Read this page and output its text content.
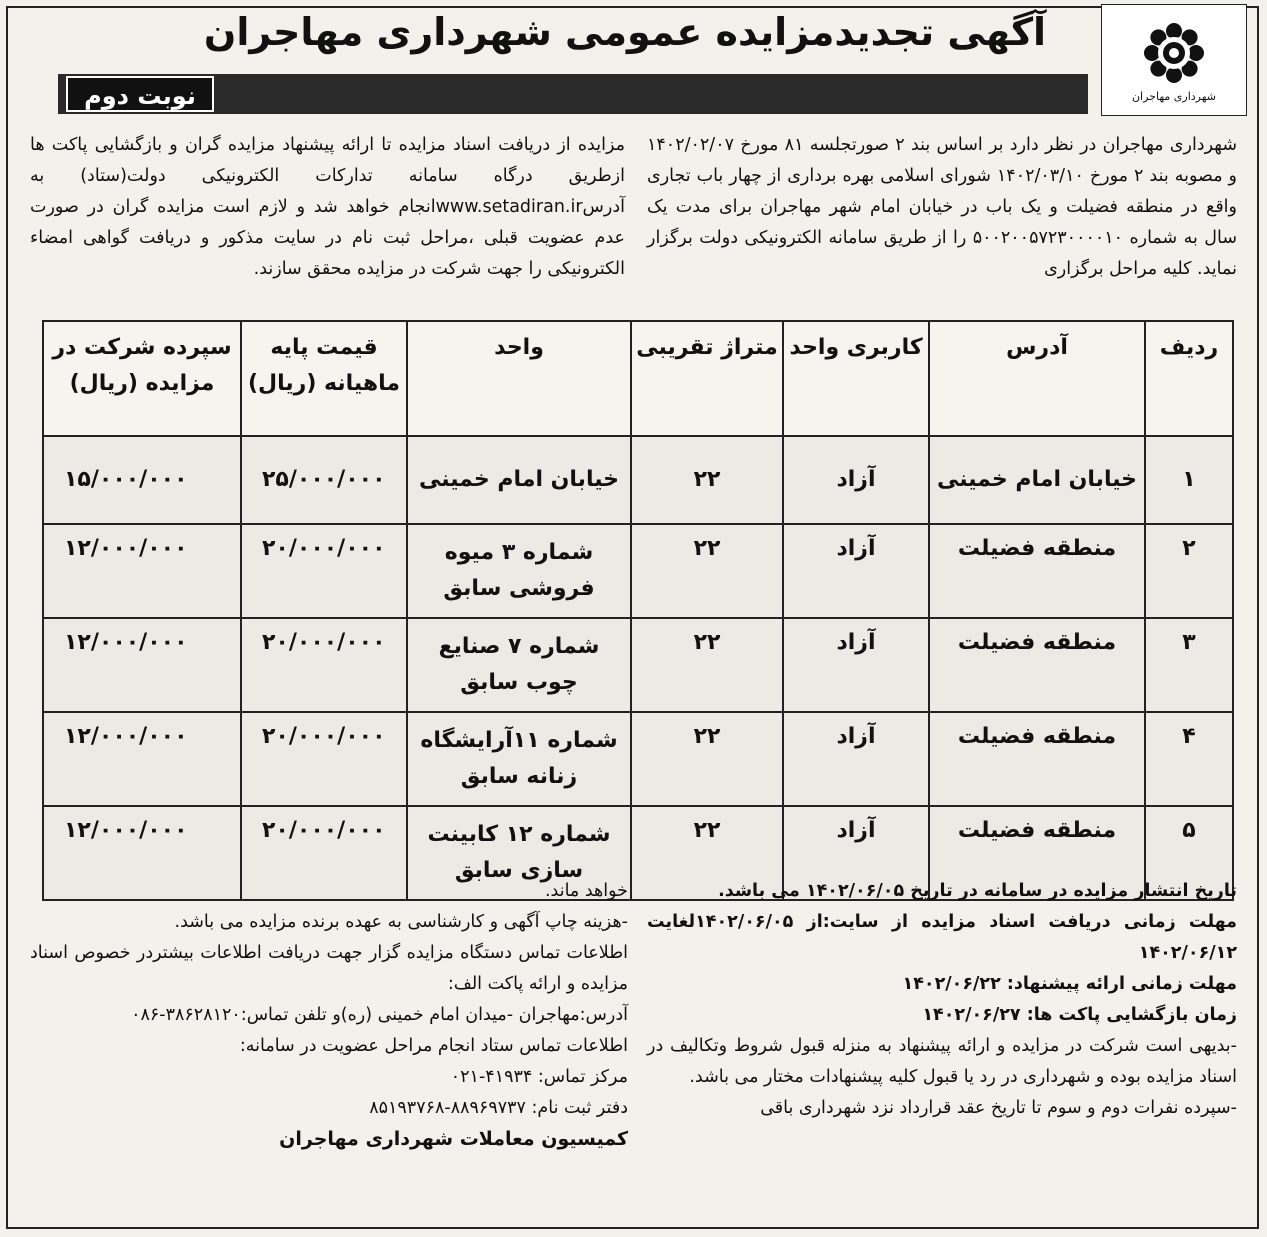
شهرداری مهاجران
آگهی تجدیدمزایده عمومی شهرداری مهاجران
نوبت دوم
شهرداری مهاجران در نظر دارد بر اساس بند ۲ صورتجلسه ۸۱ مورخ ۱۴۰۲/۰۲/۰۷ و مصوبه بند ۲ مورخ ۱۴۰۲/۰۳/۱۰ شورای اسلامی بهره برداری از چهار باب تجاری واقع در منطقه فضیلت و یک باب در خیابان امام شهر مهاجران برای مدت یک سال به شماره ۵۰۰۲۰۰۵۷۲۳۰۰۰۰۱۰ را از طریق سامانه الکترونیکی دولت برگزار نماید. کلیه مراحل برگزاری
مزایده از دریافت اسناد مزایده تا ارائه پیشنهاد مزایده گران و بازگشایی پاکت ها ازطریق درگاه سامانه تدارکات الکترونیکی دولت(ستاد) به آدرسwww.setadiran.irانجام خواهد شد و لازم است مزایده گران در صورت عدم عضویت قبلی ،مراحل ثبت نام در سایت مذکور و دریافت گواهی امضاء الکترونیکی را جهت شرکت در مزایده محقق سازند.
ردیف	آدرس	کاربری واحد	متراژ تقریبی	واحد	قیمت پایه ماهیانه (ریال)	سپرده شرکت در مزایده (ریال)
۱	خیابان امام خمینی	آزاد	۲۲	خیابان امام خمینی	۲۵/۰۰۰/۰۰۰	۱۵/۰۰۰/۰۰۰
۲	منطقه فضیلت	آزاد	۲۲	شماره ۳ میوه فروشی سابق	۲۰/۰۰۰/۰۰۰	۱۲/۰۰۰/۰۰۰
۳	منطقه فضیلت	آزاد	۲۲	شماره ۷ صنایع چوب سابق	۲۰/۰۰۰/۰۰۰	۱۲/۰۰۰/۰۰۰
۴	منطقه فضیلت	آزاد	۲۲	شماره ۱۱آرایشگاه زنانه سابق	۲۰/۰۰۰/۰۰۰	۱۲/۰۰۰/۰۰۰
۵	منطقه فضیلت	آزاد	۲۲	شماره ۱۲ کابینت سازی سابق	۲۰/۰۰۰/۰۰۰	۱۲/۰۰۰/۰۰۰
تاریخ انتشار مزایده در سامانه در تاریخ ۱۴۰۲/۰۶/۰۵ می باشد.
مهلت زمانی دریافت اسناد مزایده از سایت:از ۱۴۰۲/۰۶/۰۵لغایت ۱۴۰۲/۰۶/۱۲
مهلت زمانی ارائه پیشنهاد: ۱۴۰۲/۰۶/۲۲
زمان بازگشایی پاکت ها: ۱۴۰۲/۰۶/۲۷
-بدیهی است شرکت در مزایده و ارائه پیشنهاد به منزله قبول شروط وتکالیف در اسناد مزایده بوده و شهرداری در رد یا قبول کلیه پیشنهادات مختار می باشد.
-سپرده نفرات دوم و سوم تا تاریخ عقد قرارداد نزد شهرداری باقی
خواهد ماند.
-هزینه چاپ آگهی و کارشناسی به عهده برنده مزایده می باشد.
اطلاعات تماس دستگاه مزایده گزار جهت دریافت اطلاعات بیشتردر خصوص اسناد مزایده و ارائه پاکت الف:
آدرس:مهاجران -میدان امام خمینی (ره)و تلفن تماس:۳۸۶۲۸۱۲۰-۰۸۶
اطلاعات تماس ستاد انجام مراحل عضویت در سامانه:
مرکز تماس: ۴۱۹۳۴-۰۲۱
دفتر ثبت نام: ۸۸۹۶۹۷۳۷-۸۵۱۹۳۷۶۸
کمیسیون معاملات شهرداری مهاجران
